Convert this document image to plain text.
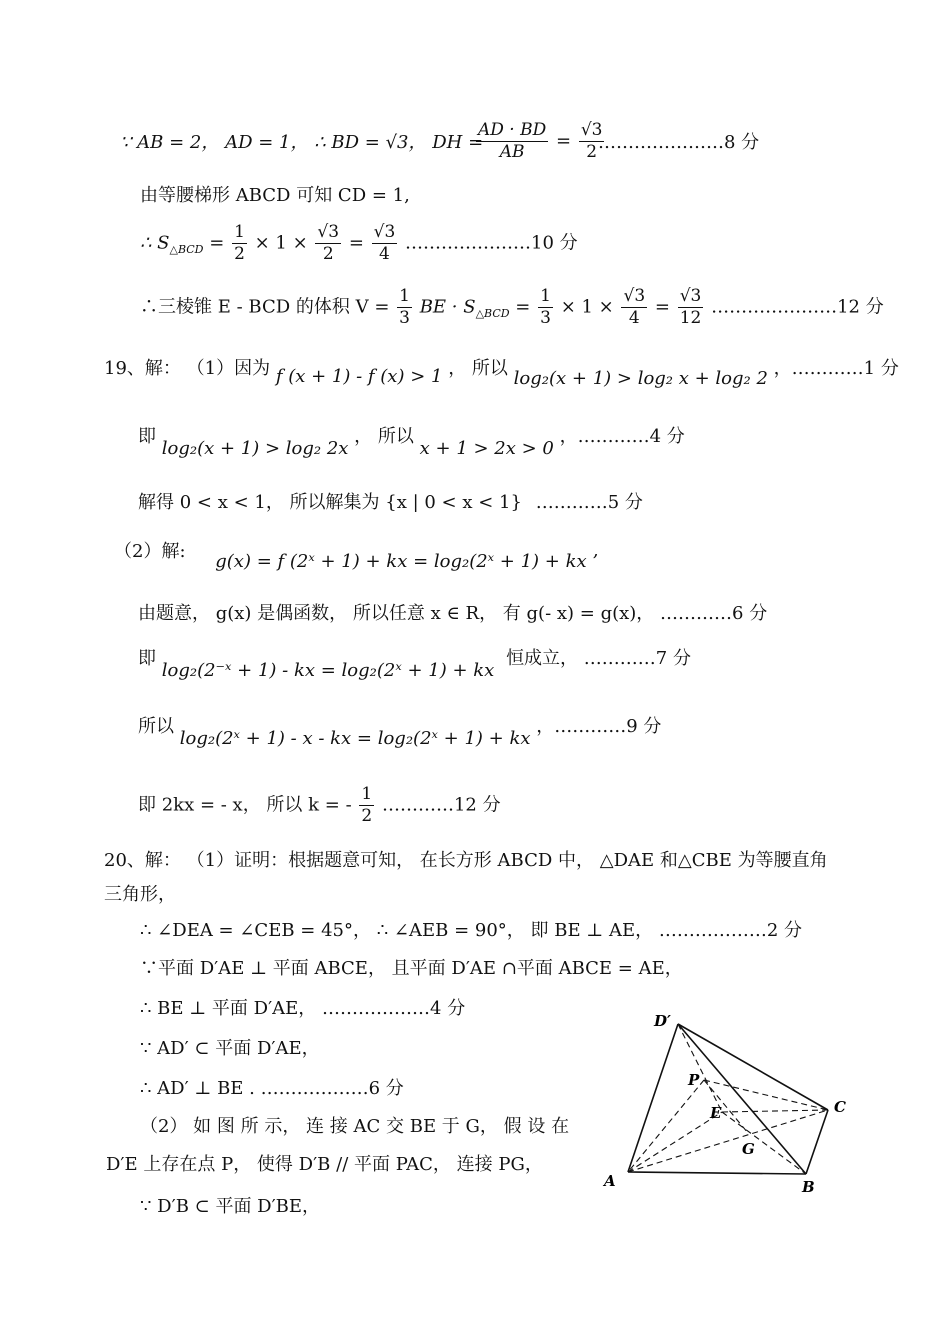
∵ AB = 2， AD = 1， ∴ BD = √3， DH =
$\frac{AD \cdot BD}{AB} = \frac{√3}{2}$
…………………8 分
由等腰梯形 ABCD 可知 CD = 1,
∴ $S_{\triangle BCD} = \frac{1}{2} \times 1 \times \frac{√3}{2} = \frac{√3}{4}$ …………………10 分
∴三棱锥 E - BCD 的体积 $V = \frac{1}{3}$ BE · $S_{\triangle BCD} = \frac{1}{3} \times 1 \times \frac{√3}{4} = \frac{√3}{12}$ …………………12 分
19、解： （1）因为 f (x + 1) - f (x) > 1 ， 所以 log₂(x + 1) > log₂ x + log₂ 2 ，…………1 分
即 log₂(x + 1) > log₂ 2x ， 所以 x + 1 > 2x > 0 ，…………4 分
解得 0 < x < 1， 所以解集为 {x | 0 < x < 1} …………5 分
（2）解: g(x) = f (2ˣ + 1) + kx = log₂(2ˣ + 1) + kx ’
由题意， g(x) 是偶函数， 所以任意 x ∈ R， 有 g(- x) = g(x)， …………6 分
即 log₂(2⁻ˣ + 1) - kx = log₂(2ˣ + 1) + kx 恒成立， …………7 分
所以 log₂(2ˣ + 1) - x - kx = log₂(2ˣ + 1) + kx ，…………9 分
即 2kx = - x， 所以 k = - $\frac{1}{2}$ …………12 分
20、解： （1）证明：根据题意可知， 在长方形 ABCD 中， △DAE 和△CBE 为等腰直角
三角形，
∴ ∠DEA = ∠CEB = 45°， ∴ ∠AEB = 90°， 即 BE ⊥ AE， ………………2 分
∵平面 D′AE ⊥ 平面 ABCE， 且平面 D′AE ∩平面 ABCE = AE，
∴ BE ⊥ 平面 D′AE， ………………4 分
∵ AD′ ⊂ 平面 D′AE，
∴ AD′ ⊥ BE . ………………6 分
（2） 如 图 所 示， 连 接 AC 交 BE 于 G， 假 设 在
D′E 上存在点 P， 使得 D′B // 平面 PAC， 连接 PG，
∵ D′B ⊂ 平面 D′BE，
D′
P
E	C
G
A	B
